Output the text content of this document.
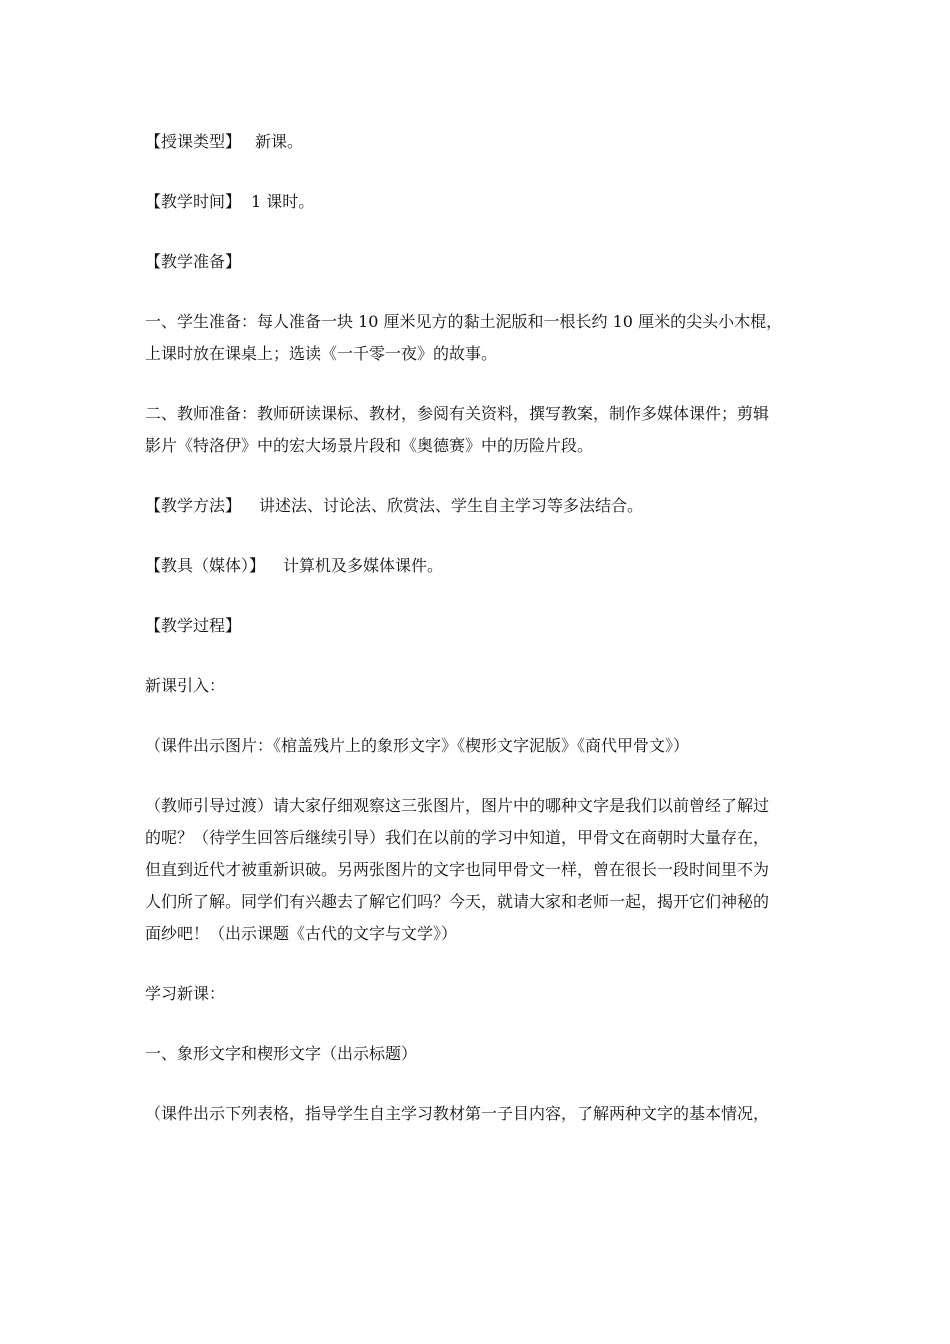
【授课类型】 新课。
【教学时间】 1 课时。
【教学准备】
一、学生准备：每人准备一块 10 厘米见方的黏土泥版和一根长约 10 厘米的尖头小木棍，
上课时放在课桌上；选读《一千零一夜》的故事。
二、教师准备：教师研读课标、教材，参阅有关资料，撰写教案，制作多媒体课件；剪辑
影片《特洛伊》中的宏大场景片段和《奥德赛》中的历险片段。
【教学方法】 讲述法、讨论法、欣赏法、学生自主学习等多法结合。
【教具（媒体）】 计算机及多媒体课件。
【教学过程】
新课引入：
（课件出示图片：《棺盖残片上的象形文字》《楔形文字泥版》《商代甲骨文》）
（教师引导过渡）请大家仔细观察这三张图片，图片中的哪种文字是我们以前曾经了解过
的呢？（待学生回答后继续引导）我们在以前的学习中知道，甲骨文在商朝时大量存在，
但直到近代才被重新识破。另两张图片的文字也同甲骨文一样，曾在很长一段时间里不为
人们所了解。同学们有兴趣去了解它们吗？今天，就请大家和老师一起，揭开它们神秘的
面纱吧！（出示课题《古代的文字与文学》）
学习新课：
一、象形文字和楔形文字（出示标题）
（课件出示下列表格，指导学生自主学习教材第一子目内容，了解两种文字的基本情况，
